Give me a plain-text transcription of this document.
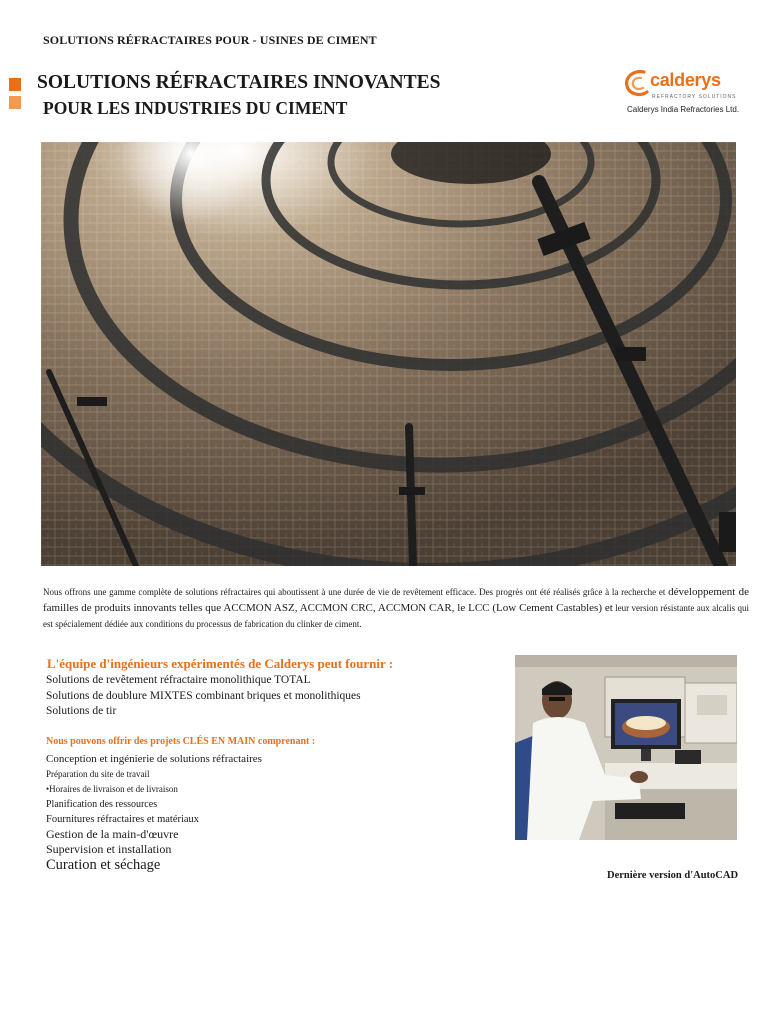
SOLUTIONS RÉFRACTAIRES POUR - USINES DE CIMENT
SOLUTIONS RÉFRACTAIRES INNOVANTES
POUR LES INDUSTRIES DU CIMENT
calderys
REFRACTORY SOLUTIONS
Calderys India Refractories Ltd.
Nous offrons une gamme complète de solutions réfractaires qui aboutissent à une durée de vie de revêtement efficace. Des progrès ont été réalisés grâce à la recherche et développement de familles de produits innovants telles que ACCMON ASZ, ACCMON CRC, ACCMON CAR, le LCC (Low Cement Castables) et leur version résistante aux alcalis qui est spécialement dédiée aux conditions du processus de fabrication du clinker de ciment.
L'équipe d'ingénieurs expérimentés de Calderys peut fournir :
Solutions de revêtement réfractaire monolithique TOTAL
Solutions de doublure MIXTES combinant briques et monolithiques
Solutions de tir
Nous pouvons offrir des projets CLÉS EN MAIN comprenant :
Conception et ingénierie de solutions réfractaires
Préparation du site de travail
•Horaires de livraison et de livraison
Planification des ressources
Fournitures réfractaires et matériaux
Gestion de la main-d'œuvre
Supervision et installation
Curation et séchage
Dernière version d'AutoCAD
